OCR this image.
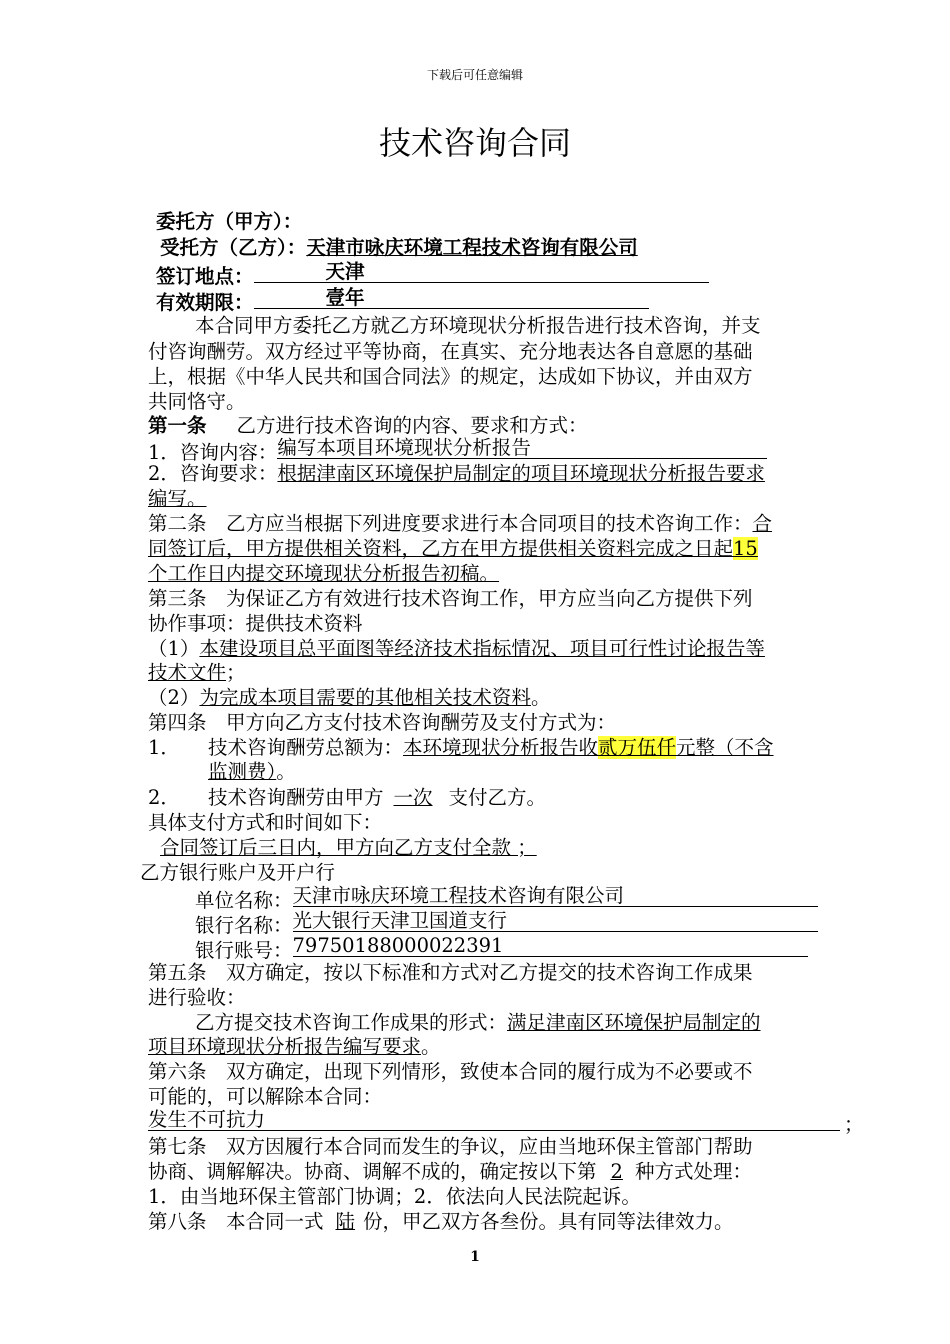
下载后可任意编辑
技术咨询合同
委托方（甲方）：
受托方（乙方）：天津市咏庆环境工程技术咨询有限公司
签订地点：	天津
有效期限：	壹年
本合同甲方委托乙方就乙方环境现状分析报告进行技术咨询，并支
付咨询酬劳。双方经过平等协商，在真实、充分地表达各自意愿的基础
上，根据《中华人民共和国合同法》的规定，达成如下协议，并由双方
共同恪守。
第一条 乙方进行技术咨询的内容、要求和方式：
1．咨询内容： 编写本项目环境现状分析报告
2．咨询要求：根据津南区环境保护局制定的项目环境现状分析报告要求
编写。
第二条　乙方应当根据下列进度要求进行本合同项目的技术咨询工作：合
同签订后，甲方提供相关资料，乙方在甲方提供相关资料完成之日起15
个工作日内提交环境现状分析报告初稿。
第三条　为保证乙方有效进行技术咨询工作，甲方应当向乙方提供下列
协作事项：提供技术资料
（1）本建设项目总平面图等经济技术指标情况、项目可行性讨论报告等
技术文件；
（2）为完成本项目需要的其他相关技术资料。
第四条　甲方向乙方支付技术咨询酬劳及支付方式为：
1． 技术咨询酬劳总额为：本环境现状分析报告收贰万伍仟元整（不含
监测费）。
2． 技术咨询酬劳由甲方 一次 支付乙方。
具体支付方式和时间如下：
合同签订后三日内，甲方向乙方支付全款 ；
乙方银行账户及开户行
单位名称： 天津市咏庆环境工程技术咨询有限公司
银行名称： 光大银行天津卫国道支行
银行账号： 79750188000022391
第五条　双方确定，按以下标准和方式对乙方提交的技术咨询工作成果
进行验收：
乙方提交技术咨询工作成果的形式：满足津南区环境保护局制定的
项目环境现状分析报告编写要求。
第六条　双方确定，出现下列情形，致使本合同的履行成为不必要或不
可能的，可以解除本合同：
发生不可抗力	；
第七条　双方因履行本合同而发生的争议，应由当地环保主管部门帮助
协商、调解解决。协商、调解不成的，确定按以下第 2 种方式处理：
1．由当地环保主管部门协调；2．依法向人民法院起诉。
第八条　本合同一式 陆 份，甲乙双方各叁份。具有同等法律效力。
1
